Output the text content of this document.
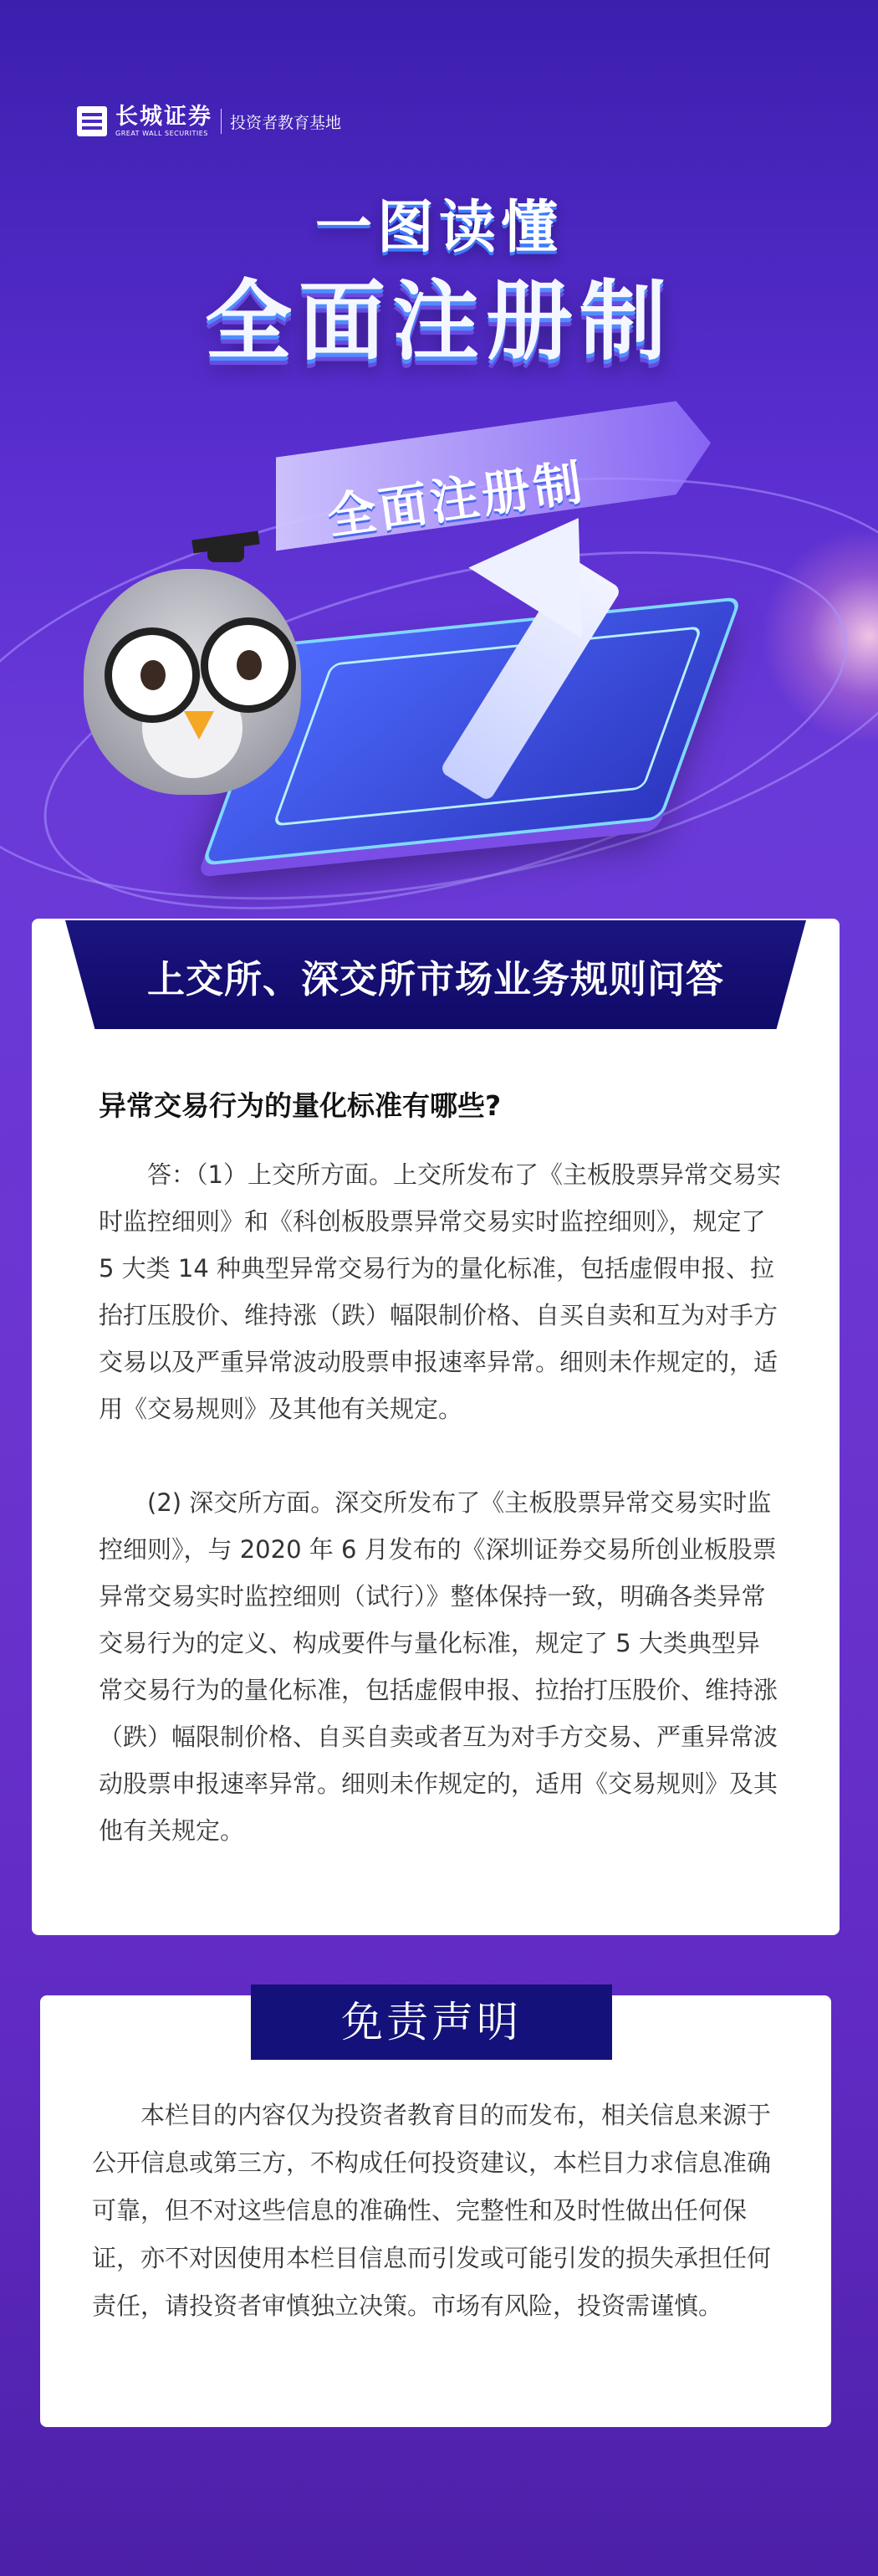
长城证券
GREAT WALL SECURITIES
投资者教育基地
一图读懂
全面注册制
全面注册制
上交所、深交所市场业务规则问答
异常交易行为的量化标准有哪些?

答：（1）上交所方面。上交所发布了《主板股票异常交易实时监控细则》和《科创板股票异常交易实时监控细则》，规定了 5 大类 14 种典型异常交易行为的量化标准，包括虚假申报、拉抬打压股价、维持涨（跌）幅限制价格、自买自卖和互为对手方交易以及严重异常波动股票申报速率异常。细则未作规定的，适用《交易规则》及其他有关规定。

(2) 深交所方面。深交所发布了《主板股票异常交易实时监控细则》，与 2020 年 6 月发布的《深圳证券交易所创业板股票异常交易实时监控细则（试行）》整体保持一致，明确各类异常交易行为的定义、构成要件与量化标准，规定了 5 大类典型异常交易行为的量化标准，包括虚假申报、拉抬打压股价、维持涨（跌）幅限制价格、自买自卖或者互为对手方交易、严重异常波动股票申报速率异常。细则未作规定的，适用《交易规则》及其他有关规定。

免责声明

本栏目的内容仅为投资者教育目的而发布，相关信息来源于公开信息或第三方，不构成任何投资建议，本栏目力求信息准确可靠，但不对这些信息的准确性、完整性和及时性做出任何保证，亦不对因使用本栏目信息而引发或可能引发的损失承担任何责任，请投资者审慎独立决策。市场有风险，投资需谨慎。
